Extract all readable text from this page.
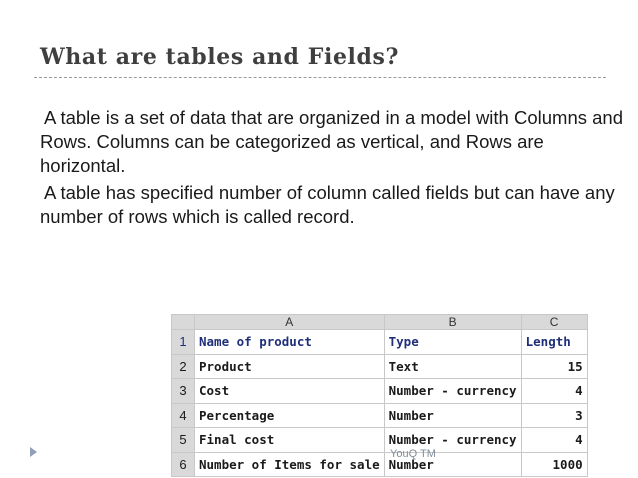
What are tables and Fields?

A table is a set of data that are organized in a model with Columns and Rows. Columns can be categorized as vertical, and Rows are horizontal.

A table has specified number of column called fields but can have any number of rows which is called record.

	A	B	C
1	Name of product	Type	Length
2	Product	Text	15
3	Cost	Number - currency	4
4	Percentage	Number	3
5	Final cost	Number - currency	4
6	Number of Items for sale	Number	1000
YouQ TM
